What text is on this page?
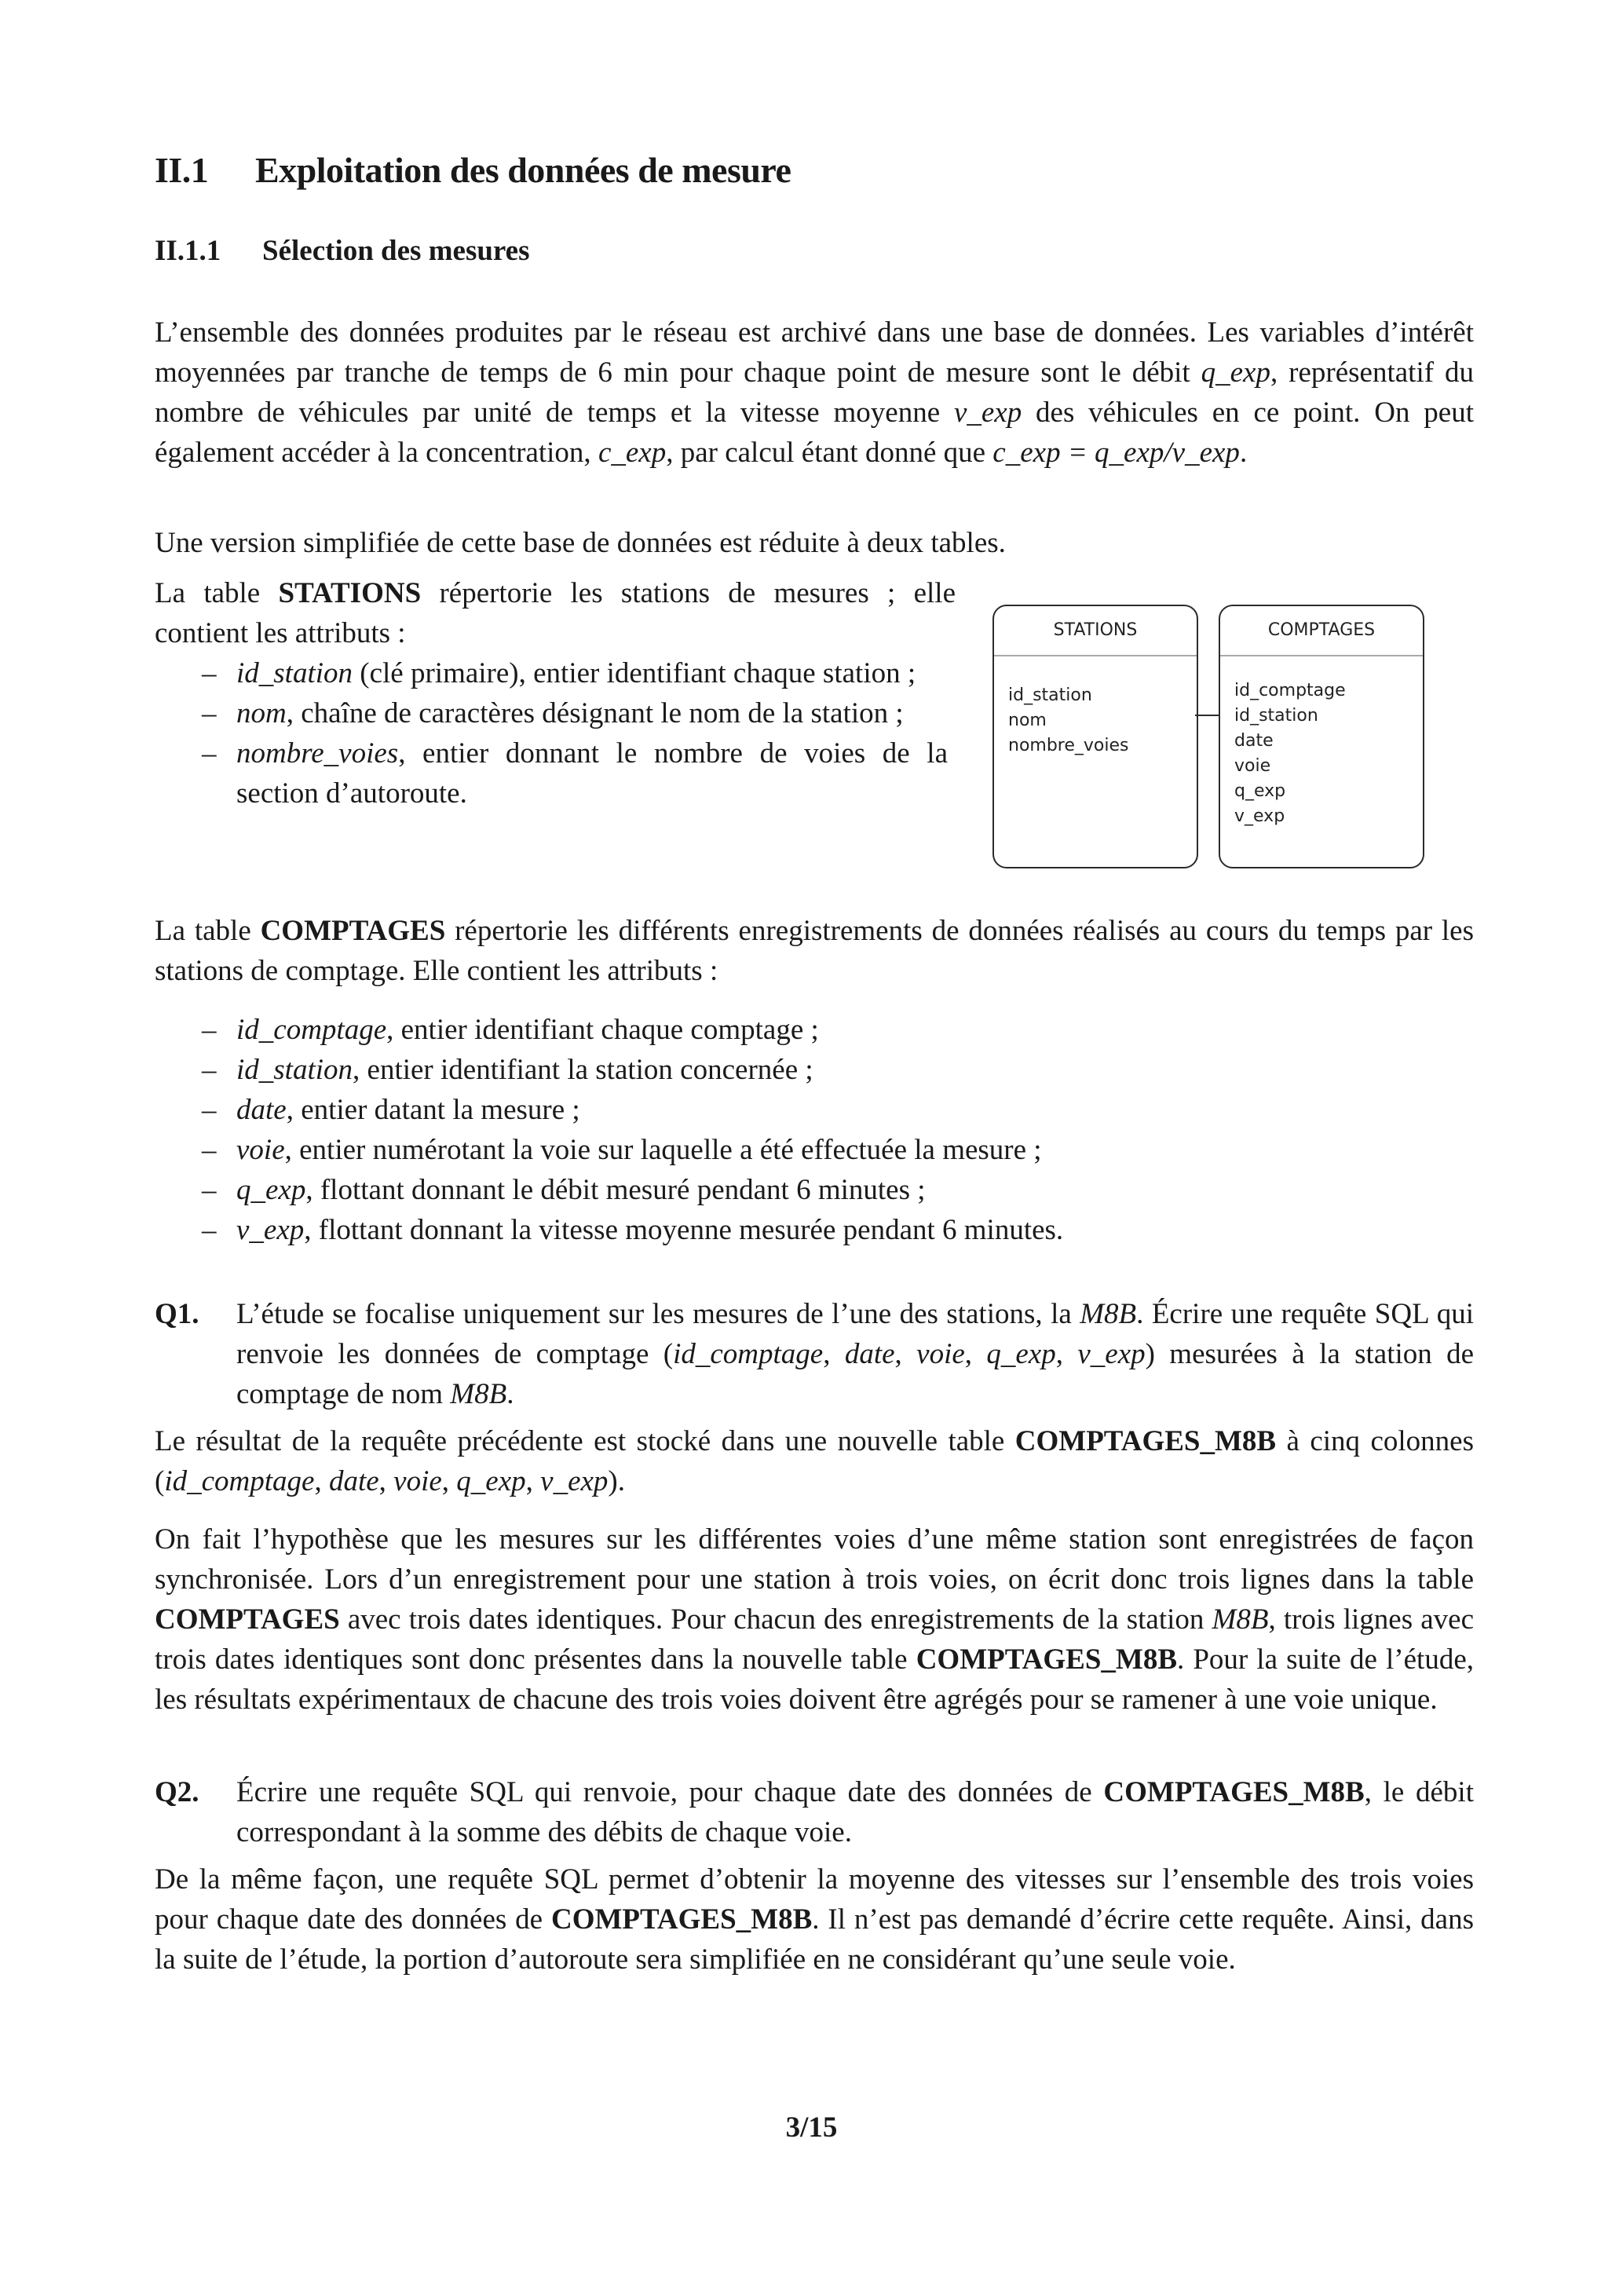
II.1 Exploitation des données de mesure
II.1.1 Sélection des mesures

L’ensemble des données produites par le réseau est archivé dans une base de données. Les variables d’intérêt moyennées par tranche de temps de 6 min pour chaque point de mesure sont le débit q_exp, représentatif du nombre de véhicules par unité de temps et la vitesse moyenne v_exp des véhicules en ce point. On peut également accéder à la concentration, c_exp, par calcul étant donné que c_exp = q_exp/v_exp.

Une version simplifiée de cette base de données est réduite à deux tables.

La table STATIONS répertorie les stations de mesures ; elle contient les attributs :

– id_station (clé primaire), entier identifiant chaque station ;
– nom, chaîne de caractères désignant le nom de la station ;
– nombre_voies, entier donnant le nombre de voies de la section d’autoroute.
STATIONS
id_station
nom
nombre_voies
COMPTAGES
id_comptage
id_station
date
voie
q_exp
v_exp

La table COMPTAGES répertorie les différents enregistrements de données réalisés au cours du temps par les stations de comptage. Elle contient les attributs :

– id_comptage, entier identifiant chaque comptage ;
– id_station, entier identifiant la station concernée ;
– date, entier datant la mesure ;
– voie, entier numérotant la voie sur laquelle a été effectuée la mesure ;
– q_exp, flottant donnant le débit mesuré pendant 6 minutes ;
– v_exp, flottant donnant la vitesse moyenne mesurée pendant 6 minutes.
Q1. L’étude se focalise uniquement sur les mesures de l’une des stations, la M8B. Écrire une requête SQL qui renvoie les données de comptage (id_comptage, date, voie, q_exp, v_exp) mesurées à la station de comptage de nom M8B.

Le résultat de la requête précédente est stocké dans une nouvelle table COMPTAGES_M8B à cinq colonnes (id_comptage, date, voie, q_exp, v_exp).

On fait l’hypothèse que les mesures sur les différentes voies d’une même station sont enregistrées de façon synchronisée. Lors d’un enregistrement pour une station à trois voies, on écrit donc trois lignes dans la table COMPTAGES avec trois dates identiques. Pour chacun des enregistrements de la station M8B, trois lignes avec trois dates identiques sont donc présentes dans la nouvelle table COMPTAGES_M8B. Pour la suite de l’étude, les résultats expérimentaux de chacune des trois voies doivent être agrégés pour se ramener à une voie unique.

Q2. Écrire une requête SQL qui renvoie, pour chaque date des données de COMPTAGES_M8B, le débit correspondant à la somme des débits de chaque voie.

De la même façon, une requête SQL permet d’obtenir la moyenne des vitesses sur l’ensemble des trois voies pour chaque date des données de COMPTAGES_M8B. Il n’est pas demandé d’écrire cette requête. Ainsi, dans la suite de l’étude, la portion d’autoroute sera simplifiée en ne considérant qu’une seule voie.

3/15
